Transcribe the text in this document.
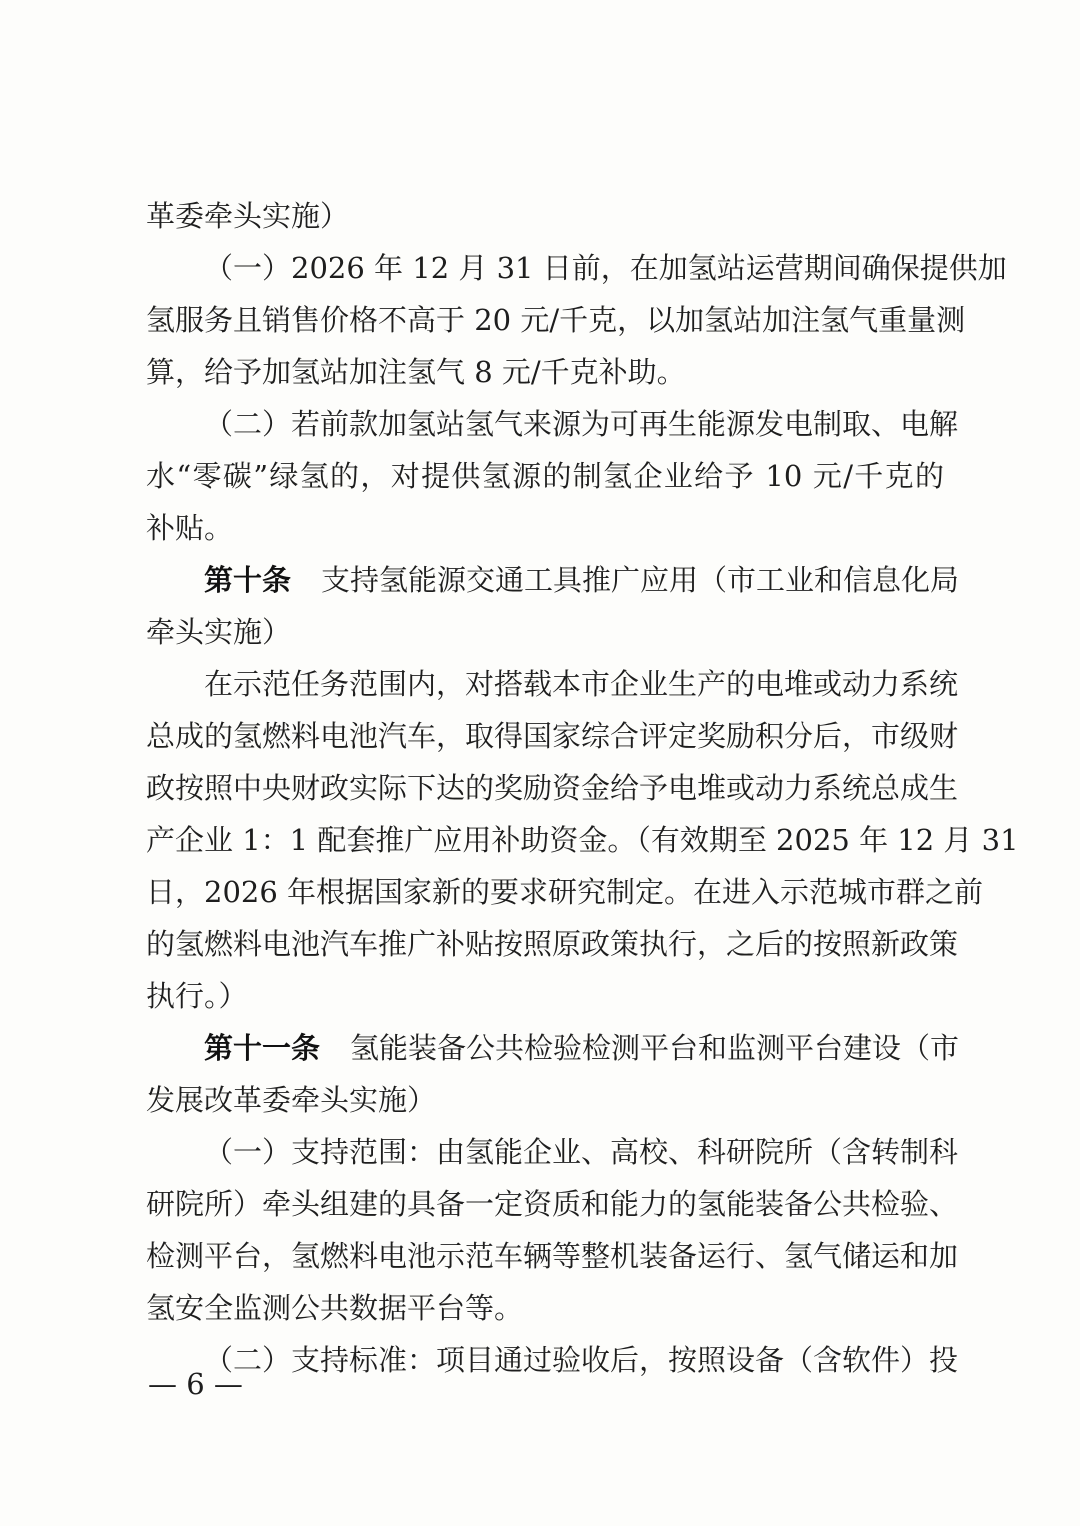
革委牵头实施）
（一）2026 年 12 月 31 日前，在加氢站运营期间确保提供加
氢服务且销售价格不高于 20 元/千克，以加氢站加注氢气重量测
算，给予加氢站加注氢气 8 元/千克补助。
（二）若前款加氢站氢气来源为可再生能源发电制取、电解
水“零碳”绿氢的，对提供氢源的制氢企业给予 10 元/千克的
补贴。
第十条 支持氢能源交通工具推广应用（市工业和信息化局
牵头实施）
在示范任务范围内，对搭载本市企业生产的电堆或动力系统
总成的氢燃料电池汽车，取得国家综合评定奖励积分后，市级财
政按照中央财政实际下达的奖励资金给予电堆或动力系统总成生
产企业 1：1 配套推广应用补助资金。（有效期至 2025 年 12 月 31
日，2026 年根据国家新的要求研究制定。在进入示范城市群之前
的氢燃料电池汽车推广补贴按照原政策执行，之后的按照新政策
执行。）
第十一条 氢能装备公共检验检测平台和监测平台建设（市
发展改革委牵头实施）
（一）支持范围：由氢能企业、高校、科研院所（含转制科
研院所）牵头组建的具备一定资质和能力的氢能装备公共检验、
检测平台，氢燃料电池示范车辆等整机装备运行、氢气储运和加
氢安全监测公共数据平台等。
（二）支持标准：项目通过验收后，按照设备（含软件）投
— 6 —
